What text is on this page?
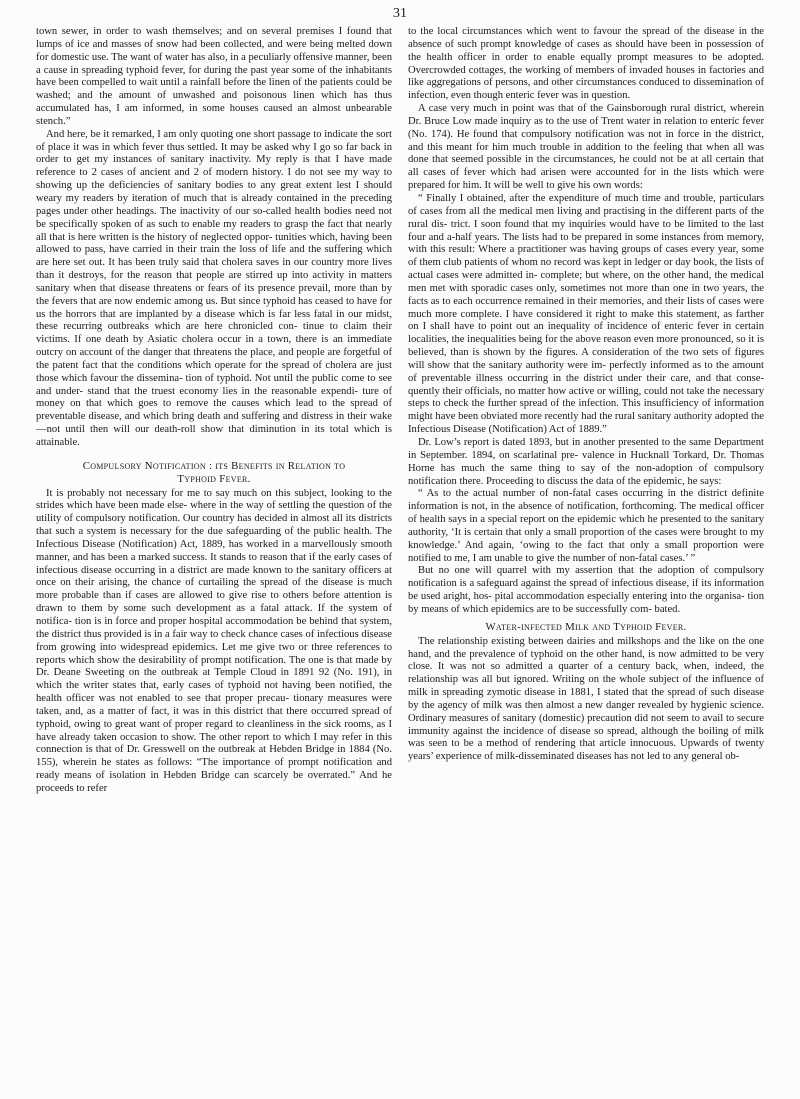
31

town sewer, in order to wash themselves; and on several premises I found that lumps of ice and masses of snow had been collected, and were being melted down for domestic use. The want of water has also, in a peculiarly offensive manner, been a cause in spreading typhoid fever, for during the past year some of the inhabitants have been compelled to wait until a rainfall before the linen of the patients could be washed; and the amount of unwashed and poisonous linen which has thus accumulated has, I am informed, in some houses caused an almost unbearable stench.”

And here, be it remarked, I am only quoting one short passage to indicate the sort of place it was in which fever thus settled. It may be asked why I go so far back in order to get my instances of sanitary inactivity. My reply is that I have made reference to 2 cases of ancient and 2 of modern history. I do not see my way to showing up the deficiencies of sanitary bodies to any great extent lest I should weary my readers by iteration of much that is already contained in the preceding pages under other headings. The inactivity of our so-called health bodies need not be specifically spoken of as such to enable my readers to grasp the fact that nearly all that is here written is the history of neglected oppor- tunities which, having been allowed to pass, have carried in their train the loss of life and the suffering which are here set out. It has been truly said that cholera saves in our country more lives than it destroys, for the reason that people are stirred up into activity in matters sanitary when that disease threatens or fears of its presence prevail, more than by the fevers that are now endemic among us. But since typhoid has ceased to have for us the horrors that are implanted by a disease which is far less fatal in our midst, these recurring outbreaks which are here chronicled con- tinue to claim their victims. If one death by Asiatic cholera occur in a town, there is an immediate outcry on account of the danger that threatens the place, and people are forgetful of the patent fact that the conditions which operate for the spread of cholera are just those which favour the dissemina- tion of typhoid. Not until the public come to see and under- stand that the truest economy lies in the reasonable expendi- ture of money on that which goes to remove the causes which lead to the spread of preventable disease, and which bring death and suffering and distress in their wake—not until then will our death-roll show that diminution in its total which is attainable.

Compulsory Notification : its Benefits in Relation to
Typhoid Fever.

It is probably not necessary for me to say much on this subject, looking to the strides which have been made else- where in the way of settling the question of the utility of compulsory notification. Our country has decided in almost all its districts that such a system is necessary for the due safeguarding of the public health. The Infectious Disease (Notification) Act, 1889, has worked in a marvellously smooth manner, and has been a marked success. It stands to reason that if the early cases of infectious disease occurring in a district are made known to the sanitary officers at once on their arising, the chance of curtailing the spread of the disease is much more probable than if cases are allowed to give rise to others before attention is drawn to them by some such development as a fatal attack. If the system of notifica- tion is in force and proper hospital accommodation be behind that system, the district thus provided is in a fair way to check chance cases of infectious disease from growing into widespread epidemics. Let me give two or three references to reports which show the desirability of prompt notification. The one is that made by Dr. Deane Sweeting on the outbreak at Temple Cloud in 1891 92 (No. 191), in which the writer states that, early cases of typhoid not having been notified, the health officer was not enabled to see that proper precau- tionary measures were taken, and, as a matter of fact, it was in this district that there occurred spread of typhoid, owing to great want of proper regard to cleanliness in the sick rooms, as I have already taken occasion to show. The other report to which I may refer in this connection is that of Dr. Gresswell on the outbreak at Hebden Bridge in 1884 (No. 155), wherein he states as follows: “The importance of prompt notification and ready means of isolation in Hebden Bridge can scarcely be overrated.” And he proceeds to refer

to the local circumstances which went to favour the spread of the disease in the absence of such prompt knowledge of cases as should have been in possession of the health officer in order to enable equally prompt measures to be adopted. Overcrowded cottages, the working of members of invaded houses in factories and like aggregations of persons, and other circumstances conduced to dissemination of infection, even though enteric fever was in question.

A case very much in point was that of the Gainsborough rural district, wherein Dr. Bruce Low made inquiry as to the use of Trent water in relation to enteric fever (No. 174). He found that compulsory notification was not in force in the district, and this meant for him much trouble in addition to the feeling that when all was done that seemed possible in the circumstances, he could not be at all certain that all cases of fever which had arisen were accounted for in the lists which were prepared for him. It will be well to give his own words:

“ Finally I obtained, after the expenditure of much time and trouble, particulars of cases from all the medical men living and practising in the different parts of the rural dis- trict. I soon found that my inquiries would have to be limited to the last four and a-half years. The lists had to be prepared in some instances from memory, with this result: Where a practitioner was having groups of cases every year, some of them club patients of whom no record was kept in ledger or day book, the lists of actual cases were admitted in- complete; but where, on the other hand, the medical men met with sporadic cases only, sometimes not more than one in two years, the facts as to each occurrence remained in their memories, and their lists of cases were much more complete. I have considered it right to make this statement, as farther on I shall have to point out an inequality of incidence of enteric fever in certain localities, the inequalities being for the above reason even more pronounced, so it is believed, than is shown by the figures. A consideration of the two sets of figures will show that the sanitary authority were im- perfectly informed as to the amount of preventable illness occurring in the district under their care, and that conse- quently their officials, no matter how active or willing, could not take the necessary steps to check the further spread of the infection. This insufficiency of information might have been obviated more recently had the rural sanitary authority adopted the Infectious Disease (Notification) Act of 1889.”

Dr. Low’s report is dated 1893, but in another presented to the same Department in September. 1894, on scarlatinal pre- valence in Hucknall Torkard, Dr. Thomas Horne has much the same thing to say of the non-adoption of compulsory notification there. Proceeding to discuss the data of the epidemic, he says:

“ As to the actual number of non-fatal cases occurring in the district definite information is not, in the absence of notification, forthcoming. The medical officer of health says in a special report on the epidemic which he presented to the sanitary authority, ‘It is certain that only a small proportion of the cases were brought to my knowledge.’ And again, ‘owing to the fact that only a small proportion were notified to me, I am unable to give the number of non-fatal cases.’ ”

But no one will quarrel with my assertion that the adoption of compulsory notification is a safeguard against the spread of infectious disease, if its information be used aright, hos- pital accommodation especially entering into the organisa- tion by means of which epidemics are to be successfully com- bated.

Water-infected Milk and Typhoid Fever.

The relationship existing between dairies and milkshops and the like on the one hand, and the prevalence of typhoid on the other hand, is now admitted to be very close. It was not so admitted a quarter of a century back, when, indeed, the relationship was all but ignored. Writing on the whole subject of the influence of milk in spreading zymotic disease in 1881, I stated that the spread of such disease by the agency of milk was then almost a new danger revealed by hygienic science. Ordinary measures of sanitary (domestic) precaution did not seem to avail to secure immunity against the incidence of disease so spread, although the boiling of milk was seen to be a method of rendering that article innocuous. Upwards of twenty years’ experience of milk-disseminated diseases has not led to any general ob-
